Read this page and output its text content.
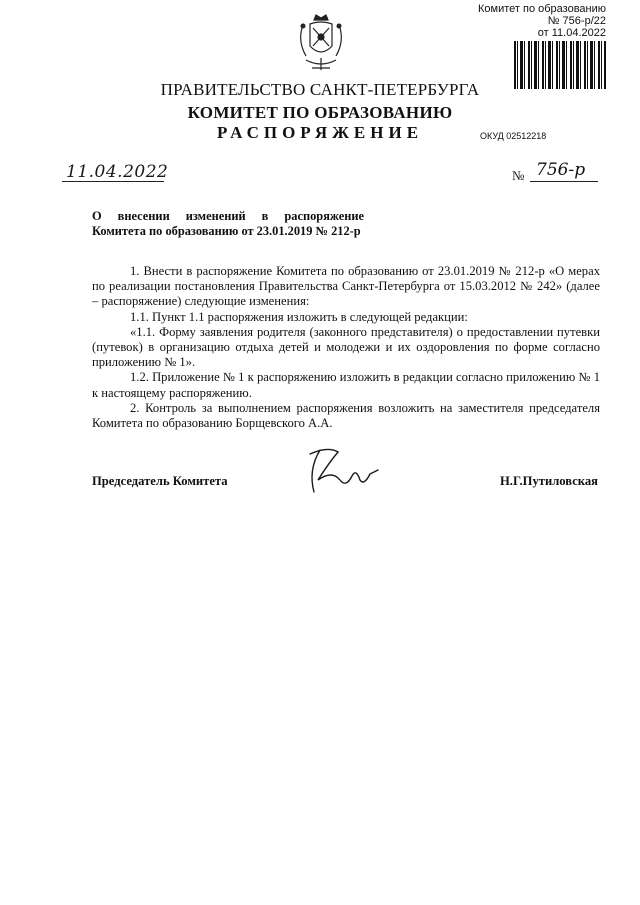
Комитет по образованию
№ 756-р/22
от 11.04.2022
ПРАВИТЕЛЬСТВО САНКТ-ПЕТЕРБУРГА
КОМИТЕТ ПО ОБРАЗОВАНИЮ
РАСПОРЯЖЕНИЕ	ОКУД 02512218
11.04.2022	№ 756-р
О внесении изменений в распоряжение Комитета по образованию от 23.01.2019 № 212-р

1. Внести в распоряжение Комитета по образованию от 23.01.2019 № 212-р «О мерах по реализации постановления Правительства Санкт-Петербурга от 15.03.2012 № 242» (далее – распоряжение) следующие изменения:

1.1. Пункт 1.1 распоряжения изложить в следующей редакции:

«1.1. Форму заявления родителя (законного представителя) о предоставлении путевки (путевок) в организацию отдыха детей и молодежи и их оздоровления по форме согласно приложению № 1».

1.2. Приложение № 1 к распоряжению изложить в редакции согласно приложению № 1 к настоящему распоряжению.

2. Контроль за выполнением распоряжения возложить на заместителя председателя Комитета по образованию Борщевского А.А.

Председатель Комитета	Н.Г.Путиловская
